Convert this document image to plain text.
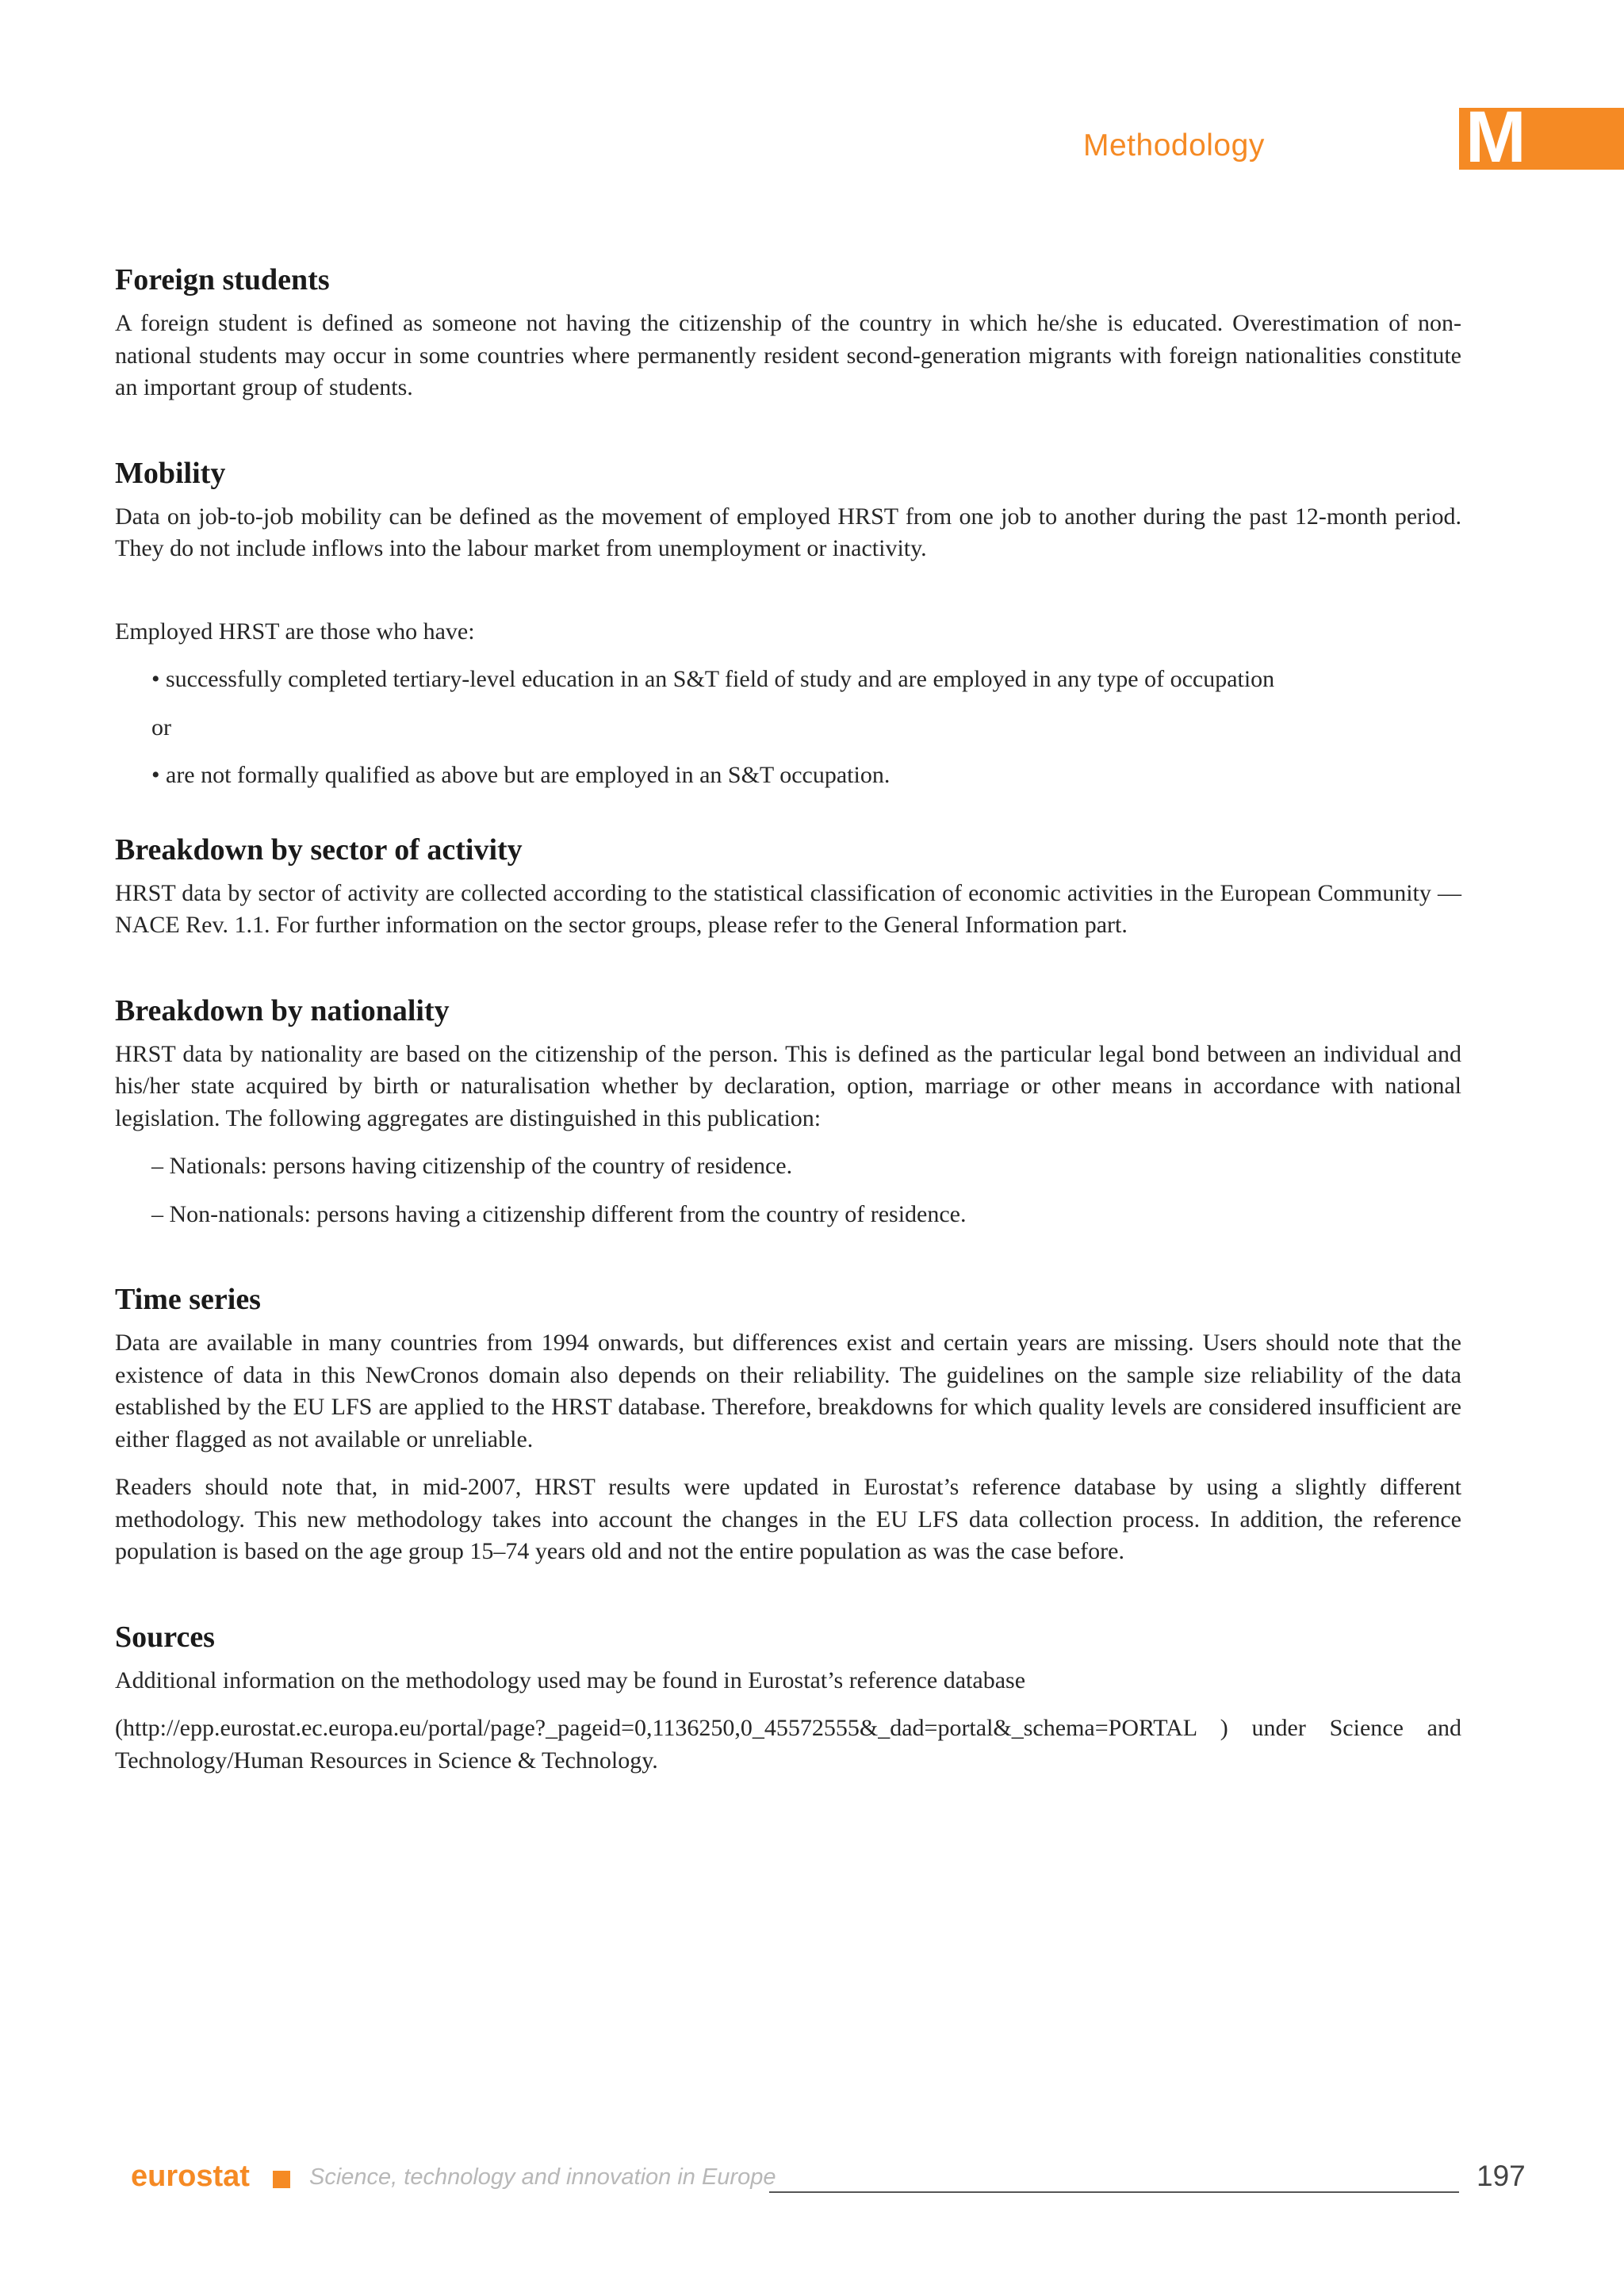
Methodology	M
Foreign students

A foreign student is defined as someone not having the citizenship of the country in which he/she is educated. Overestimation of non-national students may occur in some countries where permanently resident second-generation migrants with foreign nationalities constitute an important group of students.

Mobility

Data on job-to-job mobility can be defined as the movement of employed HRST from one job to another during the past 12-month period. They do not include inflows into the labour market from unemployment or inactivity.

Employed HRST are those who have:

• successfully completed tertiary-level education in an S&T field of study and are employed in any type of occupation

or

• are not formally qualified as above but are employed in an S&T occupation.

Breakdown by sector of activity

HRST data by sector of activity are collected according to the statistical classification of economic activities in the European Community — NACE Rev. 1.1. For further information on the sector groups, please refer to the General Information part.

Breakdown by nationality

HRST data by nationality are based on the citizenship of the person. This is defined as the particular legal bond between an individual and his/her state acquired by birth or naturalisation whether by declaration, option, marriage or other means in accordance with national legislation. The following aggregates are distinguished in this publication:

– Nationals: persons having citizenship of the country of residence.

– Non-nationals: persons having a citizenship different from the country of residence.

Time series

Data are available in many countries from 1994 onwards, but differences exist and certain years are missing. Users should note that the existence of data in this NewCronos domain also depends on their reliability. The guidelines on the sample size reliability of the data established by the EU LFS are applied to the HRST database. Therefore, breakdowns for which quality levels are considered insufficient are either flagged as not available or unreliable.

Readers should note that, in mid-2007, HRST results were updated in Eurostat’s reference database by using a slightly different methodology. This new methodology takes into account the changes in the EU LFS data collection process. In addition, the reference population is based on the age group 15–74 years old and not the entire population as was the case before.

Sources

Additional information on the methodology used may be found in Eurostat’s reference database

(http://epp.eurostat.ec.europa.eu/portal/page?_pageid=0,1136250,0_45572555&_dad=portal&_schema=PORTAL ) under Science and Technology/Human Resources in Science & Technology.

eurostat	Science, technology and innovation in Europe	197
